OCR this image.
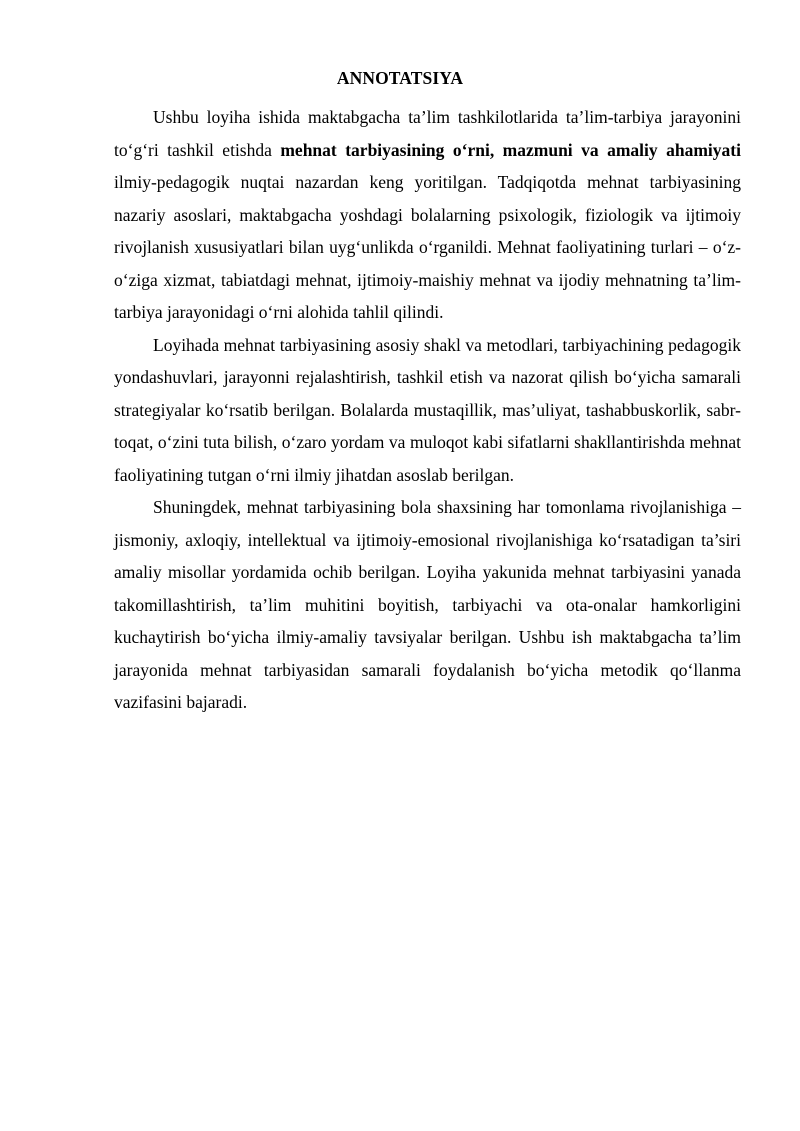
ANNOTATSIYA

Ushbu loyiha ishida maktabgacha ta’lim tashkilotlarida ta’lim-tarbiya jarayonini to‘g‘ri tashkil etishda mehnat tarbiyasining o‘rni, mazmuni va amaliy ahamiyati ilmiy-pedagogik nuqtai nazardan keng yoritilgan. Tadqiqotda mehnat tarbiyasining nazariy asoslari, maktabgacha yoshdagi bolalarning psixologik, fiziologik va ijtimoiy rivojlanish xususiyatlari bilan uyg‘unlikda o‘rganildi. Mehnat faoliyatining turlari – o‘z-o‘ziga xizmat, tabiatdagi mehnat, ijtimoiy-maishiy mehnat va ijodiy mehnatning ta’lim-tarbiya jarayonidagi o‘rni alohida tahlil qilindi.

Loyihada mehnat tarbiyasining asosiy shakl va metodlari, tarbiyachining pedagogik yondashuvlari, jarayonni rejalashtirish, tashkil etish va nazorat qilish bo‘yicha samarali strategiyalar ko‘rsatib berilgan. Bolalarda mustaqillik, mas’uliyat, tashabbuskorlik, sabr-toqat, o‘zini tuta bilish, o‘zaro yordam va muloqot kabi sifatlarni shakllantirishda mehnat faoliyatining tutgan o‘rni ilmiy jihatdan asoslab berilgan.

Shuningdek, mehnat tarbiyasining bola shaxsining har tomonlama rivojlanishiga – jismoniy, axloqiy, intellektual va ijtimoiy-emosional rivojlanishiga ko‘rsatadigan ta’siri amaliy misollar yordamida ochib berilgan. Loyiha yakunida mehnat tarbiyasini yanada takomillashtirish, ta’lim muhitini boyitish, tarbiyachi va ota-onalar hamkorligini kuchaytirish bo‘yicha ilmiy-amaliy tavsiyalar berilgan. Ushbu ish maktabgacha ta’lim jarayonida mehnat tarbiyasidan samarali foydalanish bo‘yicha metodik qo‘llanma vazifasini bajaradi.
